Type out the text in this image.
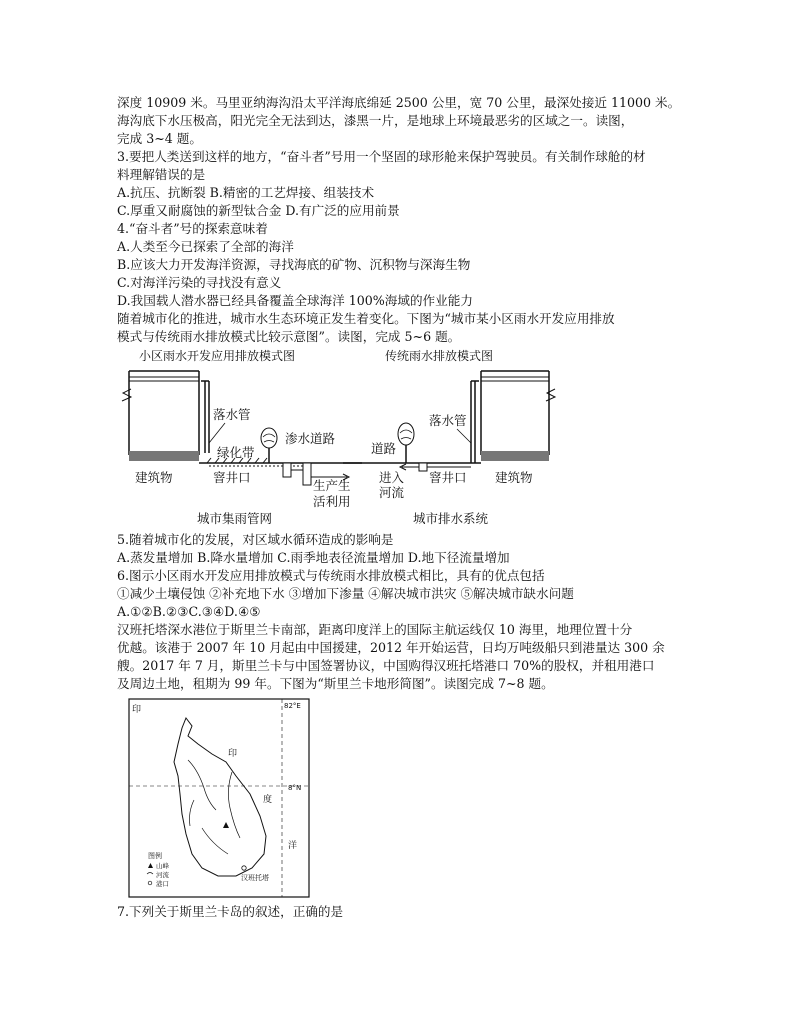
深度 10909 米。马里亚纳海沟沿太平洋海底绵延 2500 公里，宽 70 公里，最深处接近 11000 米。
海沟底下水压极高，阳光完全无法到达，漆黑一片，是地球上环境最恶劣的区域之一。读图，
完成 3~4 题。
3.要把人类送到这样的地方，“奋斗者”号用一个坚固的球形舱来保护驾驶员。有关制作球舱的材
料理解错误的是
A.抗压、抗断裂 B.精密的工艺焊接、组装技术
C.厚重又耐腐蚀的新型钛合金 D.有广泛的应用前景
4.“奋斗者”号的探索意味着
A.人类至今已探索了全部的海洋
B.应该大力开发海洋资源，寻找海底的矿物、沉积物与深海生物
C.对海洋污染的寻找没有意义
D.我国载人潜水器已经具备覆盖全球海洋 100%海域的作业能力
随着城市化的推进，城市水生态环境正发生着变化。下图为“城市某小区雨水开发应用排放
模式与传统雨水排放模式比较示意图”。读图，完成 5~6 题。
5.随着城市化的发展，对区域水循环造成的影响是
A.蒸发量增加 B.降水量增加 C.雨季地表径流量增加 D.地下径流量增加
6.图示小区雨水开发应用排放模式与传统雨水排放模式相比，具有的优点包括
①减少土壤侵蚀 ②补充地下水 ③增加下渗量 ④解决城市洪灾 ⑤解决城市缺水问题
A.①②B.②③C.③④D.④⑤
汉班托塔深水港位于斯里兰卡南部，距离印度洋上的国际主航运线仅 10 海里，地理位置十分
优越。该港于 2007 年 10 月起由中国援建，2012 年开始运营，日均万吨级船只到港量达 300 余
艘。2017 年 7 月，斯里兰卡与中国签署协议，中国购得汉班托塔港口 70%的股权，并租用港口
及周边土地，租期为 99 年。下图为“斯里兰卡地形简图”。读图完成 7~8 题。
7.下列关于斯里兰卡岛的叙述，正确的是
小区雨水开发应用排放模式图	传统雨水排放模式图
落水管
绿化带
渗水道路
建筑物	窨井口
生产生
活利用
城市集雨管网
落水管
道路
进入
河流
窨井口 建筑物
城市排水系统
82°E
8°N
印
印
度
洋
汉班托塔
图例
山峰
河流
港口
